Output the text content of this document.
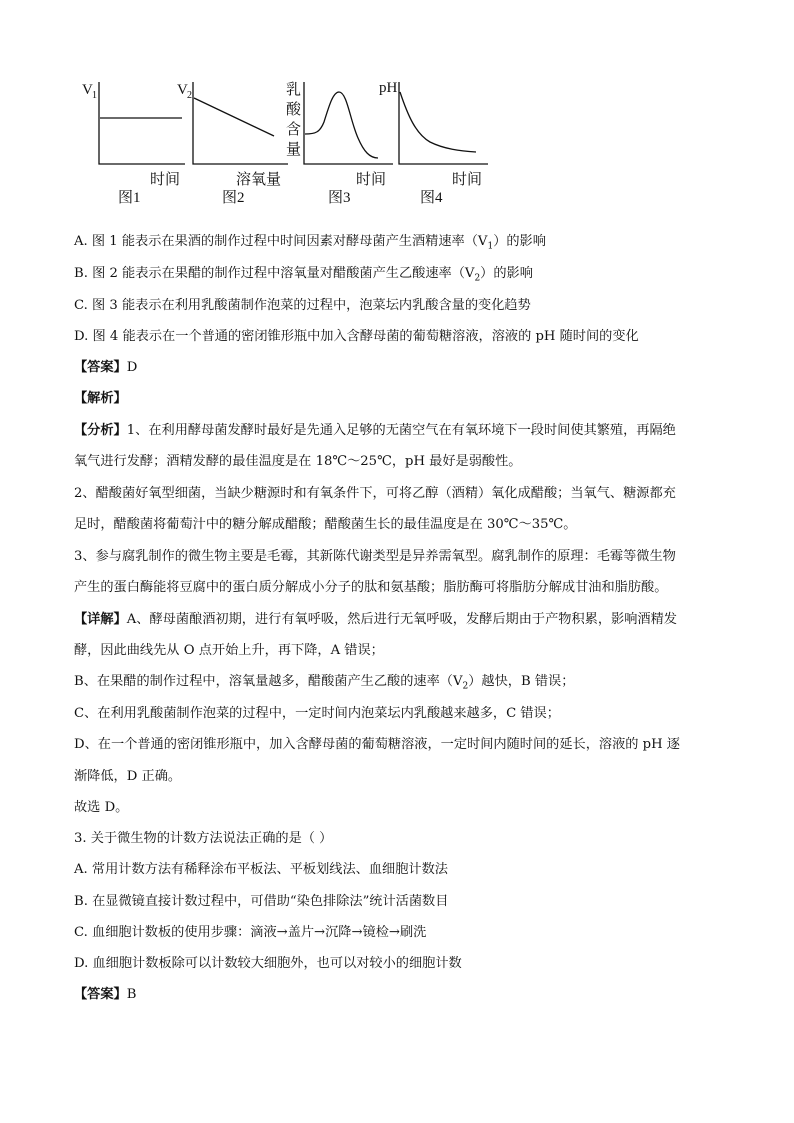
V 1
时间
图1
V 2
溶氧量
图2
乳
酸
含
量
时间
图3
pH
时间
图4
A. 图 1 能表示在果酒的制作过程中时间因素对酵母菌产生酒精速率$(V_1)$的影响
B. 图 2 能表示在果醋的制作过程中溶氧量对醋酸菌产生乙酸速率$(V_2)$的影响
C. 图 3 能表示在利用乳酸菌制作泡菜的过程中，泡菜坛内乳酸含量的变化趋势
D. 图 4 能表示在一个普通的密闭锥形瓶中加入含酵母菌的葡萄糖溶液，溶液的 pH 随时间的变化
【答案】D
【解析】
【分析】1、在利用酵母菌发酵时最好是先通入足够的无菌空气在有氧环境下一段时间使其繁殖，再隔绝
氧气进行发酵；酒精发酵的最佳温度是在 18℃～25℃，pH 最好是弱酸性。
2、醋酸菌好氧型细菌，当缺少糖源时和有氧条件下，可将乙醇（酒精）氧化成醋酸；当氧气、糖源都充
足时，醋酸菌将葡萄汁中的糖分解成醋酸；醋酸菌生长的最佳温度是在 30℃～35℃。
3、参与腐乳制作的微生物主要是毛霉，其新陈代谢类型是异养需氧型。腐乳制作的原理：毛霉等微生物
产生的蛋白酶能将豆腐中的蛋白质分解成小分子的肽和氨基酸；脂肪酶可将脂肪分解成甘油和脂肪酸。
【详解】A、酵母菌酿酒初期，进行有氧呼吸，然后进行无氧呼吸，发酵后期由于产物积累，影响酒精发
酵，因此曲线先从 O 点开始上升，再下降，A 错误；
B、在果醋的制作过程中，溶氧量越多，醋酸菌产生乙酸的速率$(V_2)$越快，B 错误；
C、在利用乳酸菌制作泡菜的过程中，一定时间内泡菜坛内乳酸越来越多，C 错误；
D、在一个普通的密闭锥形瓶中，加入含酵母菌的葡萄糖溶液，一定时间内随时间的延长，溶液的 pH 逐
渐降低，D 正确。
故选 D。
3. 关于微生物的计数方法说法正确的是（ ）
A. 常用计数方法有稀释涂布平板法、平板划线法、血细胞计数法
B. 在显微镜直接计数过程中，可借助“染色排除法”统计活菌数目
C. 血细胞计数板的使用步骤：滴液→盖片→沉降→镜检→刷洗
D. 血细胞计数板除可以计数较大细胞外，也可以对较小的细胞计数
【答案】B
